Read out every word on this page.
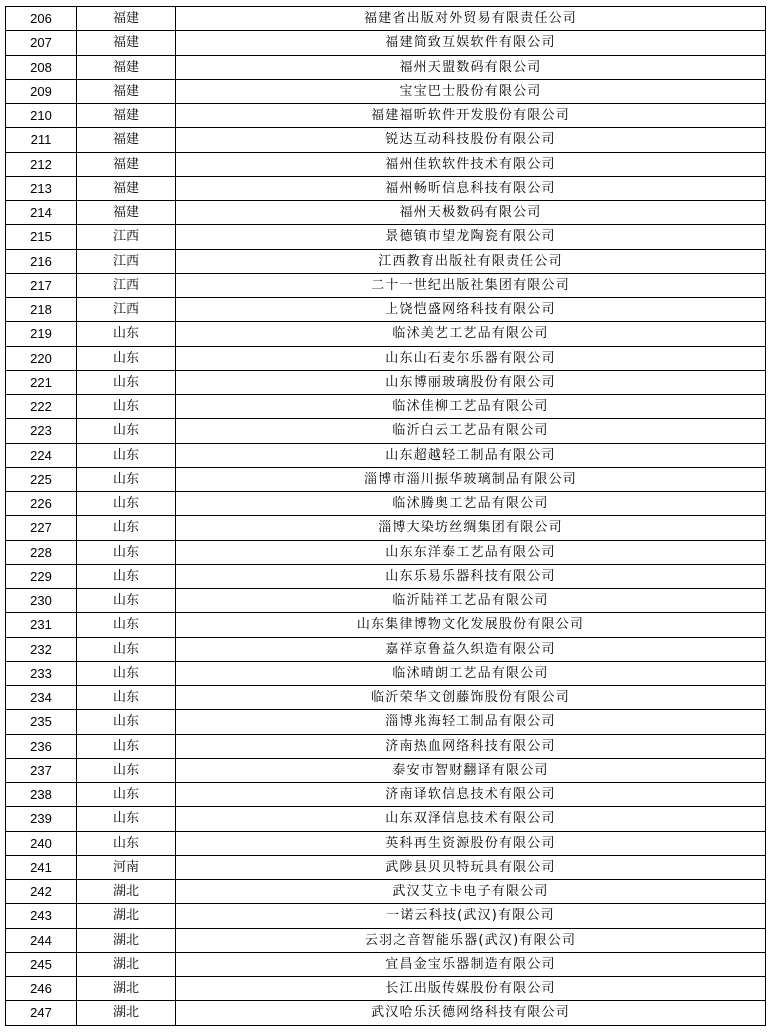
206	福建	福建省出版对外贸易有限责任公司
207	福建	福建简致互娱软件有限公司
208	福建	福州天盟数码有限公司
209	福建	宝宝巴士股份有限公司
210	福建	福建福昕软件开发股份有限公司
211	福建	锐达互动科技股份有限公司
212	福建	福州佳软软件技术有限公司
213	福建	福州畅昕信息科技有限公司
214	福建	福州天极数码有限公司
215	江西	景德镇市望龙陶瓷有限公司
216	江西	江西教育出版社有限责任公司
217	江西	二十一世纪出版社集团有限公司
218	江西	上饶恺盛网络科技有限公司
219	山东	临沭美艺工艺品有限公司
220	山东	山东山石麦尔乐器有限公司
221	山东	山东博丽玻璃股份有限公司
222	山东	临沭佳柳工艺品有限公司
223	山东	临沂白云工艺品有限公司
224	山东	山东超越轻工制品有限公司
225	山东	淄博市淄川振华玻璃制品有限公司
226	山东	临沭腾奥工艺品有限公司
227	山东	淄博大染坊丝绸集团有限公司
228	山东	山东东洋泰工艺品有限公司
229	山东	山东乐易乐器科技有限公司
230	山东	临沂陆祥工艺品有限公司
231	山东	山东集律博物文化发展股份有限公司
232	山东	嘉祥京鲁益久织造有限公司
233	山东	临沭晴朗工艺品有限公司
234	山东	临沂荣华文创藤饰股份有限公司
235	山东	淄博兆海轻工制品有限公司
236	山东	济南热血网络科技有限公司
237	山东	泰安市智财翻译有限公司
238	山东	济南译软信息技术有限公司
239	山东	山东双泽信息技术有限公司
240	山东	英科再生资源股份有限公司
241	河南	武陟县贝贝特玩具有限公司
242	湖北	武汉艾立卡电子有限公司
243	湖北	一诺云科技(武汉)有限公司
244	湖北	云羽之音智能乐器(武汉)有限公司
245	湖北	宜昌金宝乐器制造有限公司
246	湖北	长江出版传媒股份有限公司
247	湖北	武汉哈乐沃德网络科技有限公司
